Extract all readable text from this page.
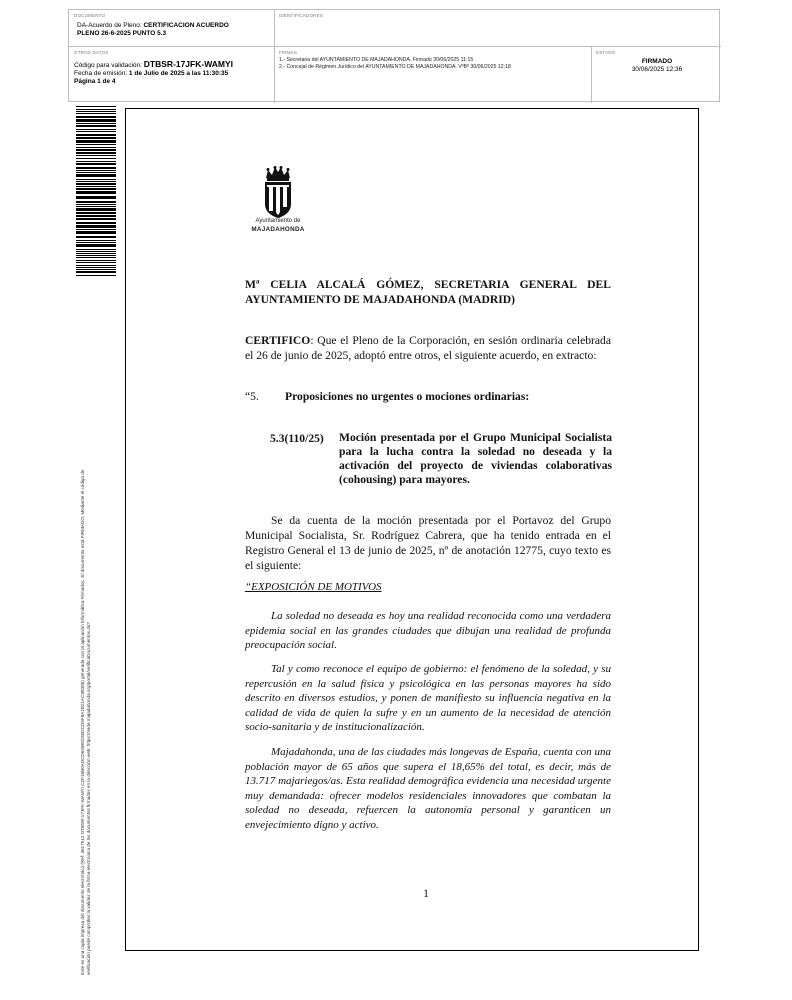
DOCUMENTO
DA-Acuerdo de Pleno: CERTIFICACION ACUERDO
PLENO 26-6-2025 PUNTO 5.3
IDENTIFICADORES
OTROS DATOS
Código para validación: DTBSR-17JFK-WAMYI
Fecha de emisión: 1 de Julio de 2025 a las 11:30:35
Página 1 de 4
FIRMAS
1.- Secretaria del AYUNTAMIENTO DE MAJADAHONDA. Firmado 30/06/2025 11:15
2.- Concejal de Régimen Jurídico del AYUNTAMIENTO DE MAJADAHONDA. VºBº 30/06/2025 12:18
ESTADO
FIRMADO
30/06/2025 12:36
Este es una copia impresa del documento electrónico (Ref: 3617512 DTBSR-17JFK-WAMYI C2F18B0ADCD649E025B2CD5F6A1B21AC98388) generada con la aplicación informática Firmadoc. El documento está FIRMADO. Mediante el código de verificación puede comprobar la validez de la firma electrónica de los documentos firmados en la dirección web: https://sede.majadahonda.org/portal/verificaDocumentos.do?
Ayuntamiento de
MAJADAHONDA
Mª CELIA ALCALÁ GÓMEZ, SECRETARIA GENERAL DEL
AYUNTAMIENTO DE MAJADAHONDA (MADRID)
CERTIFICO: Que el Pleno de la Corporación, en sesión ordinaria celebrada el 26 de junio de 2025, adoptó entre otros, el siguiente acuerdo, en extracto:
“5. Proposiciones no urgentes o mociones ordinarias:
5.3(110/25) Moción presentada por el Grupo Municipal Socialista para la lucha contra la soledad no deseada y la activación del proyecto de viviendas colaborativas (cohousing) para mayores.
Se da cuenta de la moción presentada por el Portavoz del Grupo Municipal Socialista, Sr. Rodríguez Cabrera, que ha tenido entrada en el Registro General el 13 de junio de 2025, nº de anotación 12775, cuyo texto es el siguiente:
“EXPOSICIÓN DE MOTIVOS
La soledad no deseada es hoy una realidad reconocida como una verdadera epidemia social en las grandes ciudades que dibujan una realidad de profunda preocupación social.
Tal y como reconoce el equipo de gobierno: el fenómeno de la soledad, y su repercusión en la salud física y psicológica en las personas mayores ha sido descrito en diversos estudios, y ponen de manifiesto su influencia negativa en la calidad de vida de quien la sufre y en un aumento de la necesidad de atención socio-sanitaria y de institucionalización.
Majadahonda, una de las ciudades más longevas de España, cuenta con una población mayor de 65 años que supera el 18,65% del total, es decir, más de 13.717 majariegos/as. Esta realidad demográfica evidencia una necesidad urgente muy demandada: ofrecer modelos residenciales innovadores que combatan la soledad no deseada, refuercen la autonomía personal y garanticen un envejecimiento digno y activo.
1
